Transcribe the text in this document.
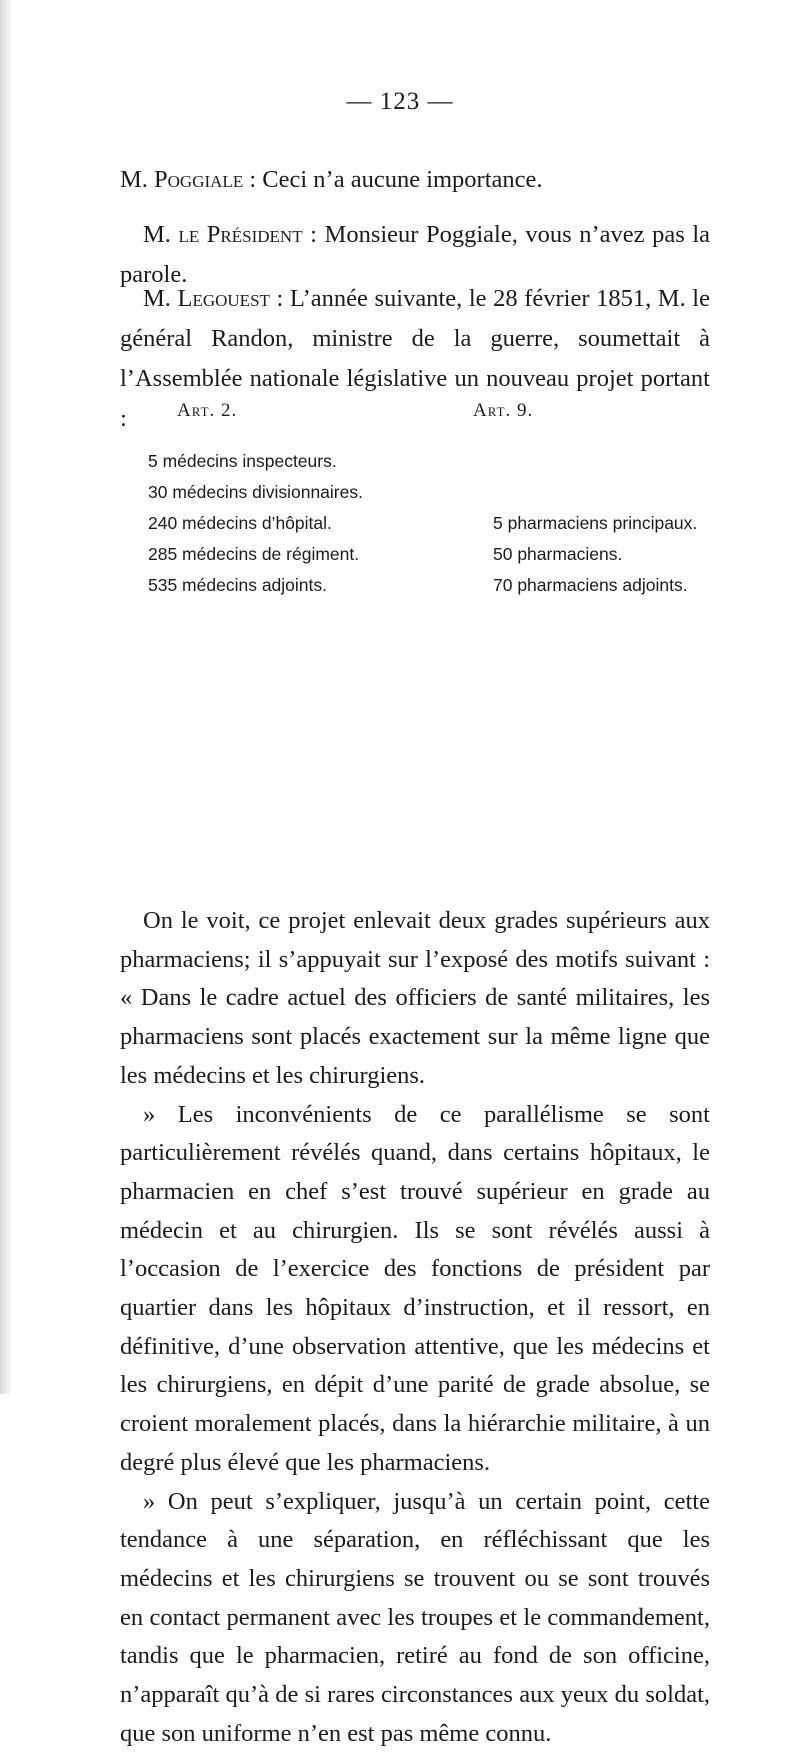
— 123 —

M. Poggiale : Ceci n’a aucune importance.

M. le Président : Monsieur Poggiale, vous n’avez pas la parole.

M. Legouest : L’année suivante, le 28 février 1851, M. le général Randon, ministre de la guerre, soumettait à l’Assemblée nationale législative un nouveau projet portant :	Art. 2.	Art. 9.
5 médecins inspecteurs.
30 médecins divisionnaires.
240 médecins d’hôpital.
285 médecins de régiment.
535 médecins adjoints.
5 pharmaciens principaux.
50 pharmaciens.
70 pharmaciens adjoints.

On le voit, ce projet enlevait deux grades supérieurs aux pharmaciens; il s’appuyait sur l’exposé des motifs suivant : « Dans le cadre actuel des officiers de santé militaires, les pharmaciens sont placés exactement sur la même ligne que les médecins et les chirurgiens.

» Les inconvénients de ce parallélisme se sont particulièrement révélés quand, dans certains hôpitaux, le pharmacien en chef s’est trouvé supérieur en grade au médecin et au chirurgien. Ils se sont révélés aussi à l’occasion de l’exercice des fonctions de président par quartier dans les hôpitaux d’instruction, et il ressort, en définitive, d’une observation attentive, que les médecins et les chirurgiens, en dépit d’une parité de grade absolue, se croient moralement placés, dans la hiérarchie militaire, à un degré plus élevé que les pharmaciens.

» On peut s’expliquer, jusqu’à un certain point, cette tendance à une séparation, en réfléchissant que les médecins et les chirurgiens se trouvent ou se sont trouvés en contact permanent avec les troupes et le commandement, tandis que le pharmacien, retiré au fond de son officine, n’apparaît qu’à de si rares circonstances aux yeux du soldat, que son uniforme n’en est pas même connu.
